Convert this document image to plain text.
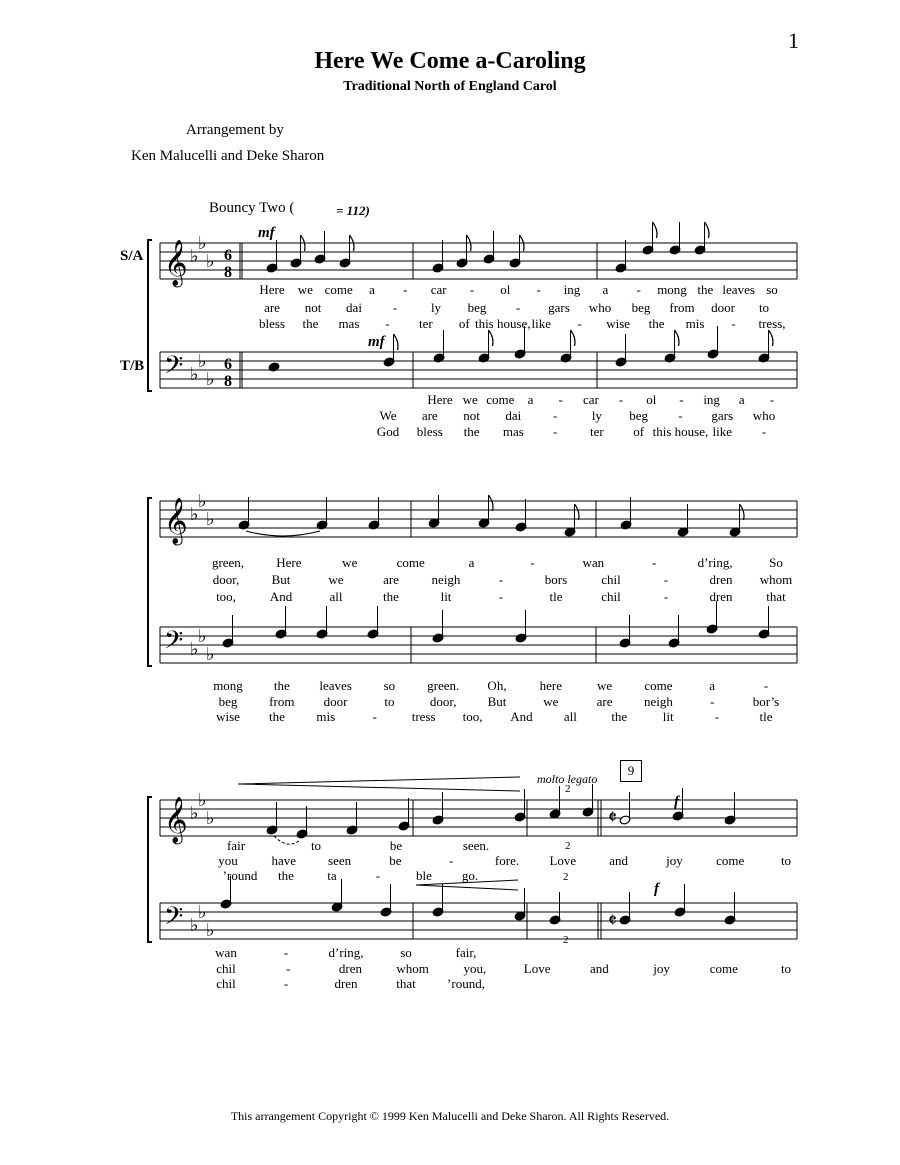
1
Here We Come a-Caroling
Traditional North of England Carol
Arrangement by
Ken Malucelli and Deke Sharon
Bouncy Two (	= 112)
𝄞
𝄢
♭
♭
♭
♭
♭
♭
𝄞
𝄢
♭
♭
♭
♭
♭
♭
𝄞
𝄢
♭
♭
♭
♭
♭
♭
6
8
6
8
𝄵
𝄵
Here we come a - car - ol - ing a - mong the leaves so
are not dai -	ly beg - gars who beg from door to
bless the mas - ter of this house, like - wise the mis - tress,
Here we come a - car - ol - ing a -
We are not dai -	ly beg - gars who
God bless the mas -	ter of this house, like -
green, Here	we	come	a	-	wan	-	d’ring,	So
door, But	we	are	neigh	-	bors	chil	-	dren whom
too,	And	all	the	lit	-	tle	chil	-	dren	that
mong the leaves so green. Oh,	here	we come	a	-
beg from door	to	door, But	we	are neigh	-	bor’s
wise the mis	-	tress too, And all	the	lit	-	tle
fair	to	be	seen.
you	have seen	be	-	fore. Love	and	joy	come	to
’round the	ta	-	ble go.
wan	-	d’ring,	so	fair,
chil	-	dren	whom	you,	Love	and	joy	come	to
chil	-	dren	that ’round,
S/A
T/B
mf
mf
f
f
molto legato
9
2
2
2
2
This arrangement Copyright © 1999 Ken Malucelli and Deke Sharon. All Rights Reserved.
